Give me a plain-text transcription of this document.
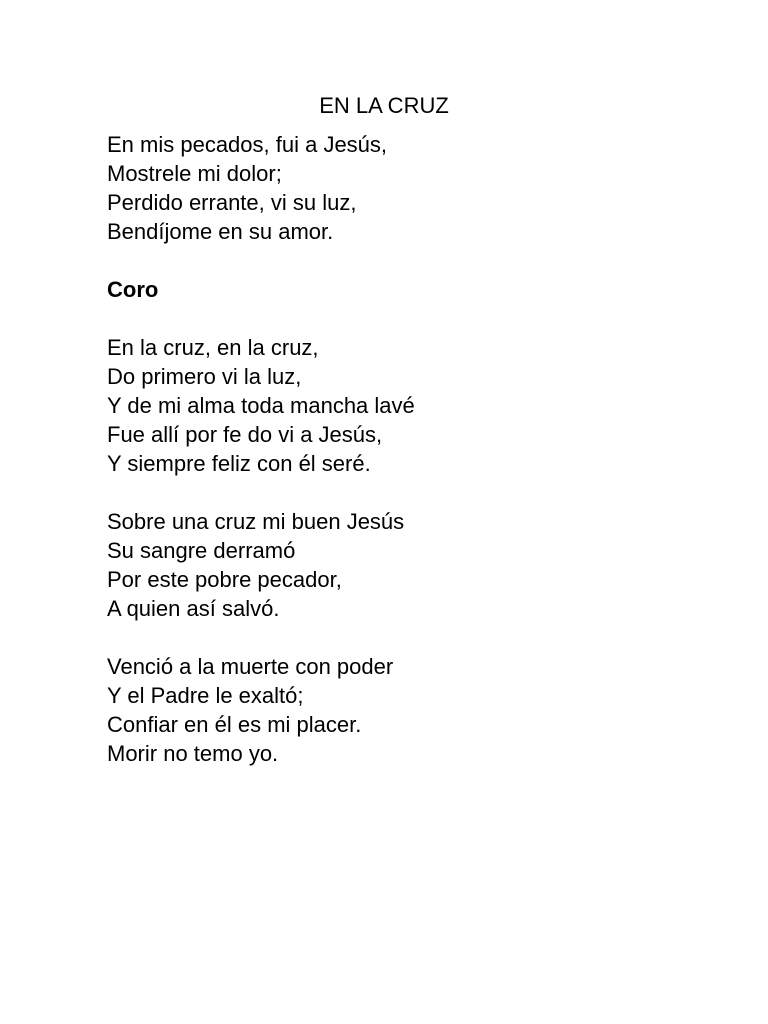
EN LA CRUZ
En mis pecados, fui a Jesús,
Mostrele mi dolor;
Perdido errante, vi su luz,
Bendíjome en su amor.
Coro
En la cruz, en la cruz,
Do primero vi la luz,
Y de mi alma toda mancha lavé
Fue allí por fe do vi a Jesús,
Y siempre feliz con él seré.
Sobre una cruz mi buen Jesús
Su sangre derramó
Por este pobre pecador,
A quien así salvó.
Venció a la muerte con poder
Y el Padre le exaltó;
Confiar en él es mi placer.
Morir no temo yo.
